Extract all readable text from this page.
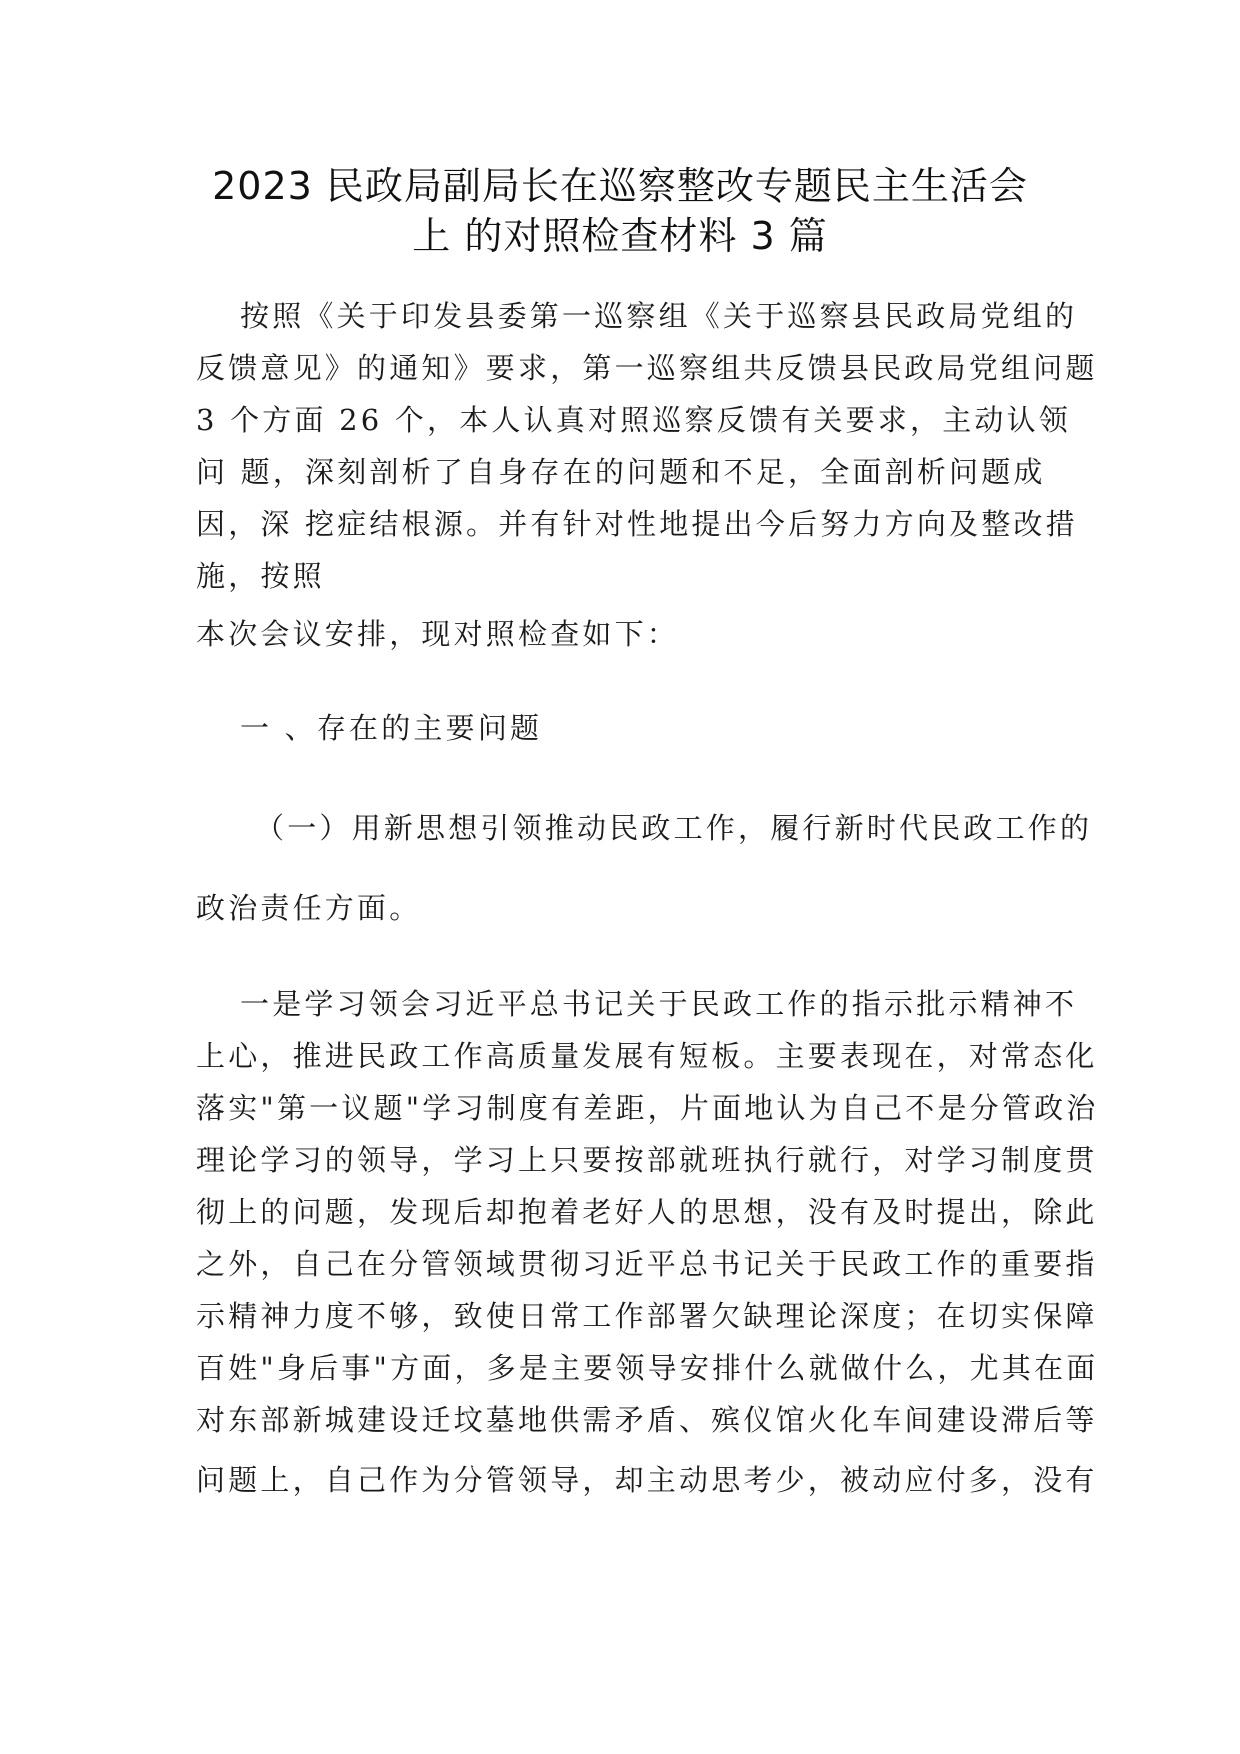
2023 民政局副局长在巡察整改专题民主生活会
上 的对照检查材料 3 篇
按照《关于印发县委第一巡察组《关于巡察县民政局党组的
反馈意见》的通知》要求，第一巡察组共反馈县民政局党组问题
3 个方面 26 个，本人认真对照巡察反馈有关要求，主动认领
问 题，深刻剖析了自身存在的问题和不足，全面剖析问题成
因，深 挖症结根源。并有针对性地提出今后努力方向及整改措
施，按照
本次会议安排，现对照检查如下：
一 、存在的主要问题
（一）用新思想引领推动民政工作，履行新时代民政工作的
政治责任方面。
一是学习领会习近平总书记关于民政工作的指示批示精神不
上心，推进民政工作高质量发展有短板。主要表现在，对常态化
落实"第一议题"学习制度有差距，片面地认为自己不是分管政治
理论学习的领导，学习上只要按部就班执行就行，对学习制度贯
彻上的问题，发现后却抱着老好人的思想，没有及时提出，除此
之外，自己在分管领域贯彻习近平总书记关于民政工作的重要指
示精神力度不够，致使日常工作部署欠缺理论深度；在切实保障
百姓"身后事"方面，多是主要领导安排什么就做什么，尤其在面
对东部新城建设迁坟墓地供需矛盾、殡仪馆火化车间建设滞后等
问题上，自己作为分管领导，却主动思考少，被动应付多，没有
